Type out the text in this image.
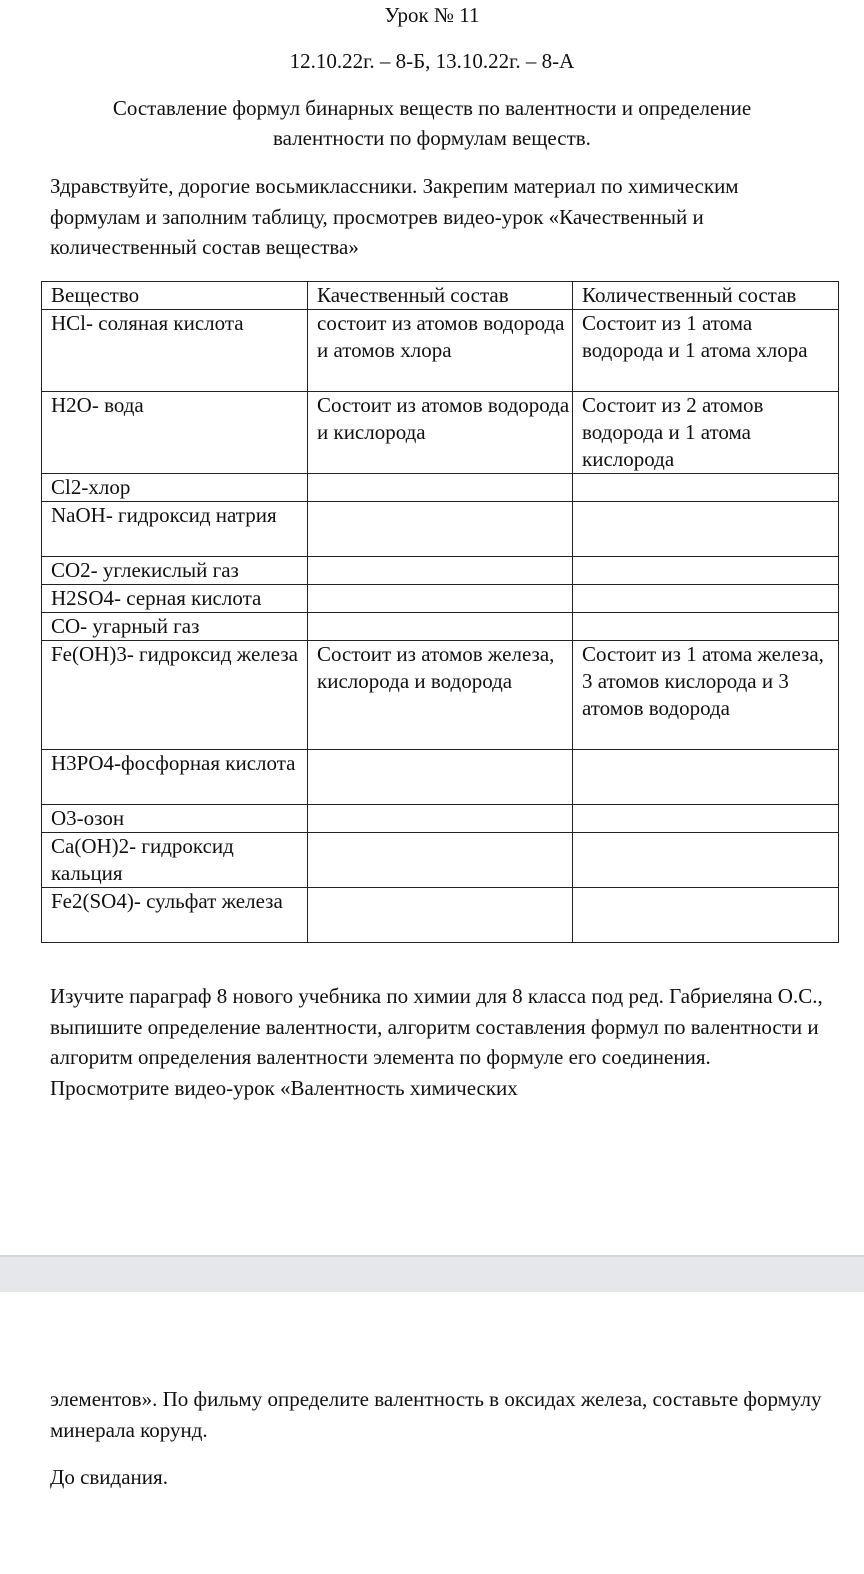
Урок № 11
12.10.22г. – 8-Б, 13.10.22г. – 8-А
Составление формул бинарных веществ по валентности и определение валентности по формулам веществ.
Здравствуйте, дорогие восьмиклассники. Закрепим материал по химическим формулам и заполним таблицу, просмотрев видео-урок «Качественный и количественный состав вещества»
Вещество	Качественный состав	Количественный состав
HCl- соляная кислота	состоит из атомов водорода и атомов хлора	Состоит из 1 атома водорода и 1 атома хлора
H2O- вода	Состоит из атомов водорода и кислорода	Состоит из 2 атомов водорода и 1 атома кислорода
Cl2-хлор		
NaOH- гидроксид натрия		
CO2- углекислый газ		
H2SO4- серная кислота		
CO- угарный газ		
Fe(OH)3- гидроксид железа	Состоит из атомов железа, кислорода и водорода	Состоит из 1 атома железа, 3 атомов кислорода и 3 атомов водорода
H3PO4-фосфорная кислота		
O3-озон		
Ca(OH)2- гидроксид кальция		
Fe2(SO4)- сульфат железа		
Изучите параграф 8 нового учебника по химии для 8 класса под ред. Габриеляна О.С., выпишите определение валентности, алгоритм составления формул по валентности и алгоритм определения валентности элемента по формуле его соединения. Просмотрите видео-урок «Валентность химических
элементов». По фильму определите валентность в оксидах железа, составьте формулу минерала корунд.
До свидания.
